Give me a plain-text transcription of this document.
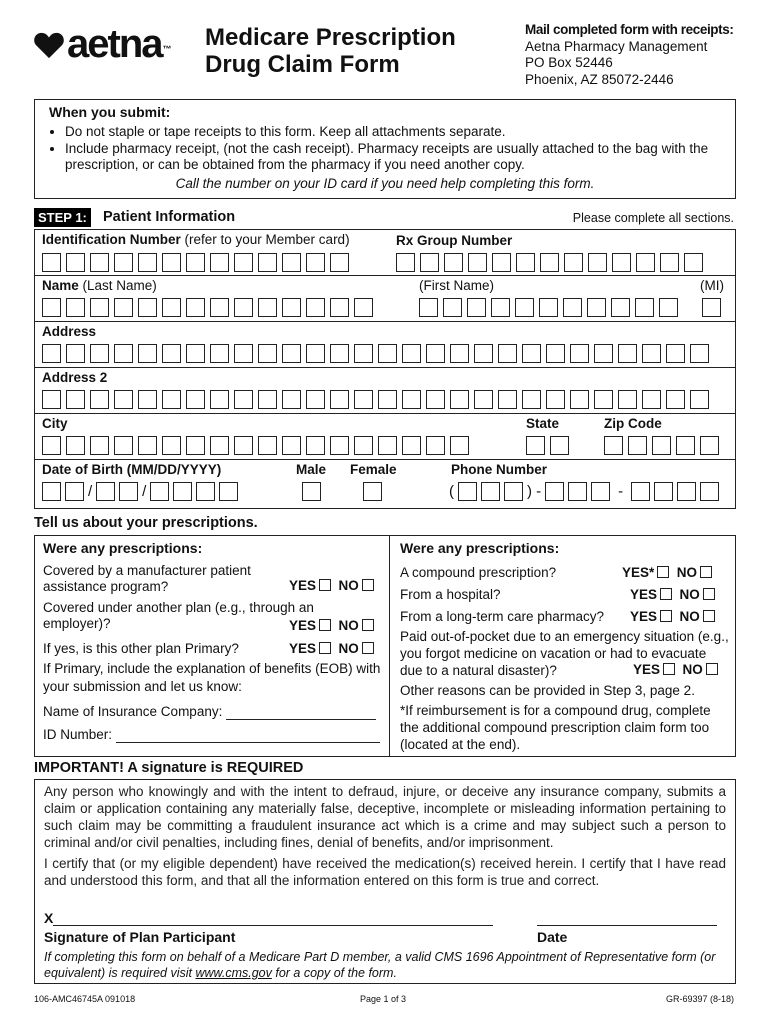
aetna™ Medicare Prescription
Drug Claim Form
Mail completed form with receipts:
Aetna Pharmacy Management
PO Box 52446
Phoenix, AZ 85072-2446
When you submit:
• Do not staple or tape receipts to this form. Keep all attachments separate.
• Include pharmacy receipt, (not the cash receipt). Pharmacy receipts are usually attached to the bag with the prescription, or can be obtained from the pharmacy if you need another copy.
Call the number on your ID card if you need help completing this form.
STEP 1: Patient Information	Please complete all sections.
Identification Number (refer to your Member card)	Rx Group Number
Name (Last Name)	(First Name)	(MI)
Address
Address 2
City	State	Zip Code
Date of Birth (MM/DD/YYYY)	Male Female	Phone Number
/	/	(	) -	-
Tell us about your prescriptions.
Were any prescriptions:
Covered by a manufacturer patient assistance program?	YES NO
Covered under another plan (e.g., through an employer)?	YES NO
If yes, is this other plan Primary?	YES NO
If Primary, include the explanation of benefits (EOB) with your submission and let us know:
Name of Insurance Company:
ID Number:
Were any prescriptions:
A compound prescription?	YES* NO
From a hospital?	YES NO
From a long-term care pharmacy? YES NO
Paid out-of-pocket due to an emergency situation (e.g., you forgot medicine on vacation or had to evacuate due to a natural disaster)?	YES NO
Other reasons can be provided in Step 3, page 2.
*If reimbursement is for a compound drug, complete the additional compound prescription claim form too (located at the end).
IMPORTANT! A signature is REQUIRED

Any person who knowingly and with the intent to defraud, injure, or deceive any insurance company, submits a claim or application containing any materially false, deceptive, incomplete or misleading information pertaining to such claim may be committing a fraudulent insurance act which is a crime and may subject such a person to criminal and/or civil penalties, including fines, denial of benefits, and/or imprisonment.

I certify that (or my eligible dependent) have received the medication(s) received herein. I certify that I have read and understood this form, and that all the information entered on this form is true and correct.

X
Signature of Plan Participant	Date
If completing this form on behalf of a Medicare Part D member, a valid CMS 1696 Appointment of Representative form (or equivalent) is required visit www.cms.gov for a copy of the form.
106-AMC46745A 091018	Page 1 of 3	GR-69397 (8-18)
